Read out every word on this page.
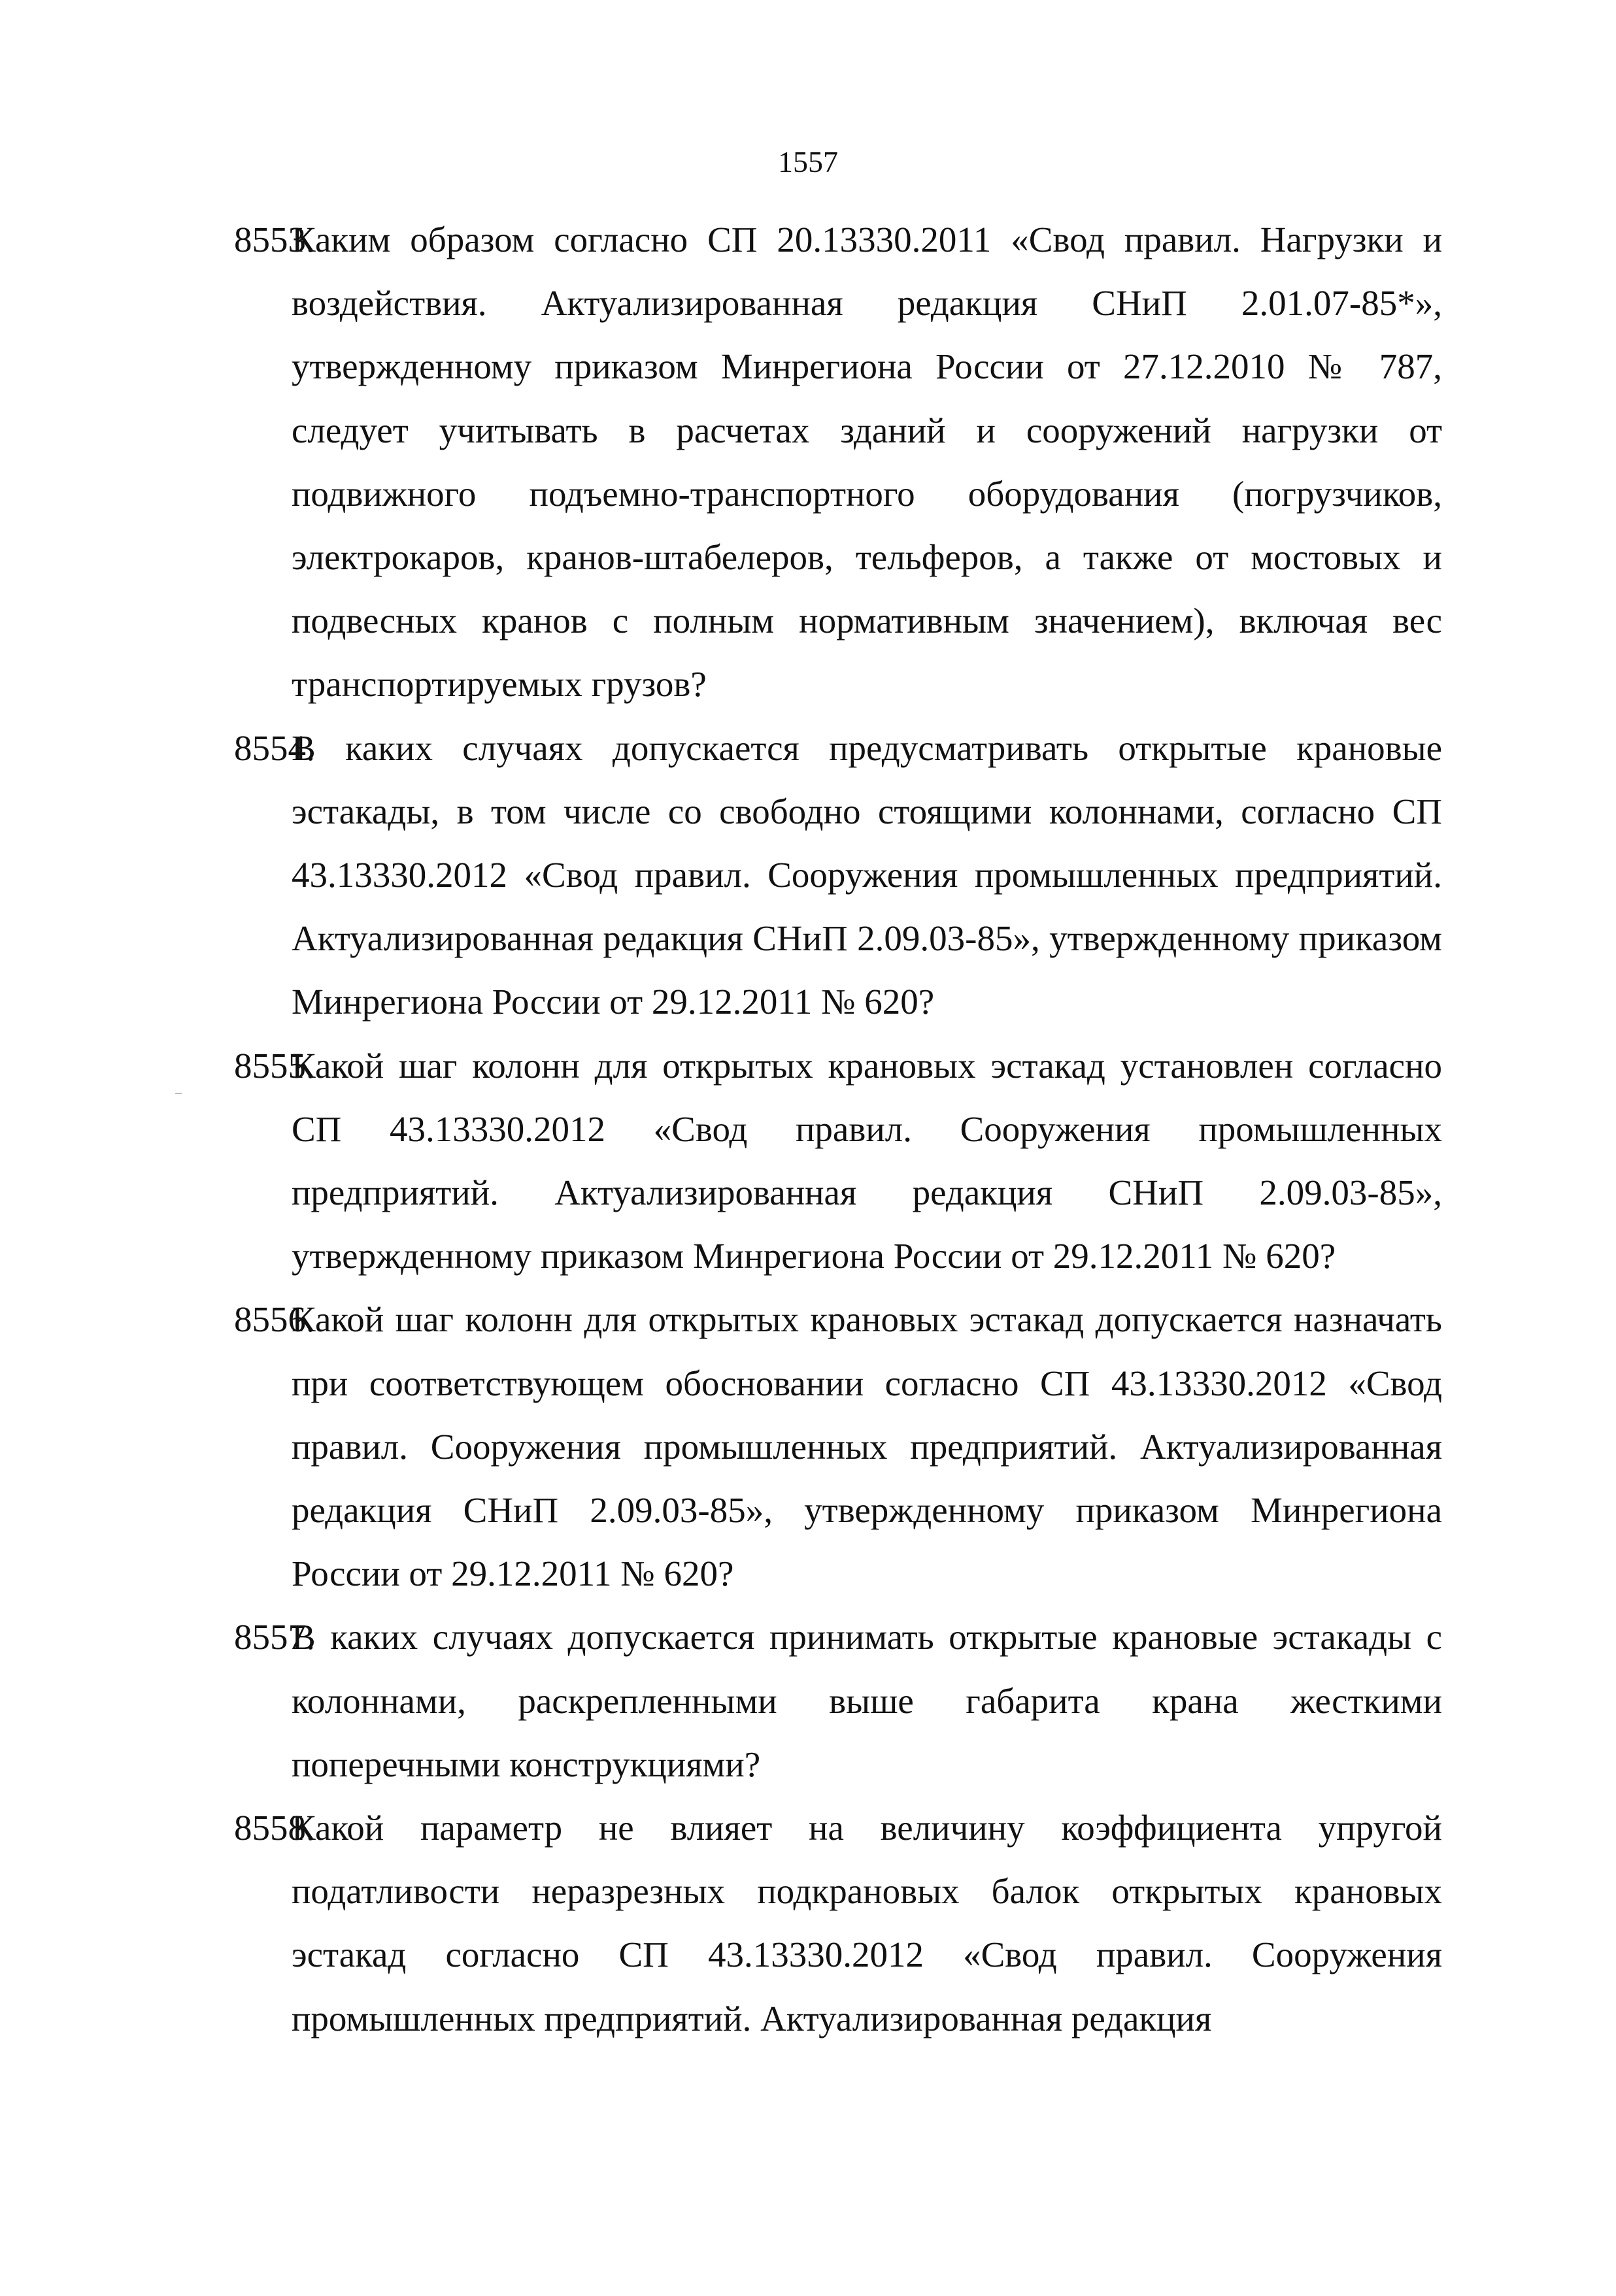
1557
8553.
Каким образом согласно СП 20.13330.2011 «Свод правил. Нагрузки и воздействия. Актуализированная редакция СНиП 2.01.07-85*», утвержденному приказом Минрегиона России от 27.12.2010 № 787, следует учитывать в расчетах зданий и сооружений нагрузки от подвижного подъемно-транспортного оборудования (погрузчиков, электрокаров, кранов-штабелеров, тельферов, а также от мостовых и подвесных кранов с полным нормативным значением), включая вес транспортируемых грузов?
8554.
В каких случаях допускается предусматривать открытые крановые эстакады, в том числе со свободно стоящими колоннами, согласно СП 43.13330.2012 «Свод правил. Сооружения промышленных предприятий. Актуализированная редакция СНиП 2.09.03-85», утвержденному приказом Минрегиона России от 29.12.2011 № 620?
8555.
Какой шаг колонн для открытых крановых эстакад установлен согласно СП 43.13330.2012 «Свод правил. Сооружения промышленных предприятий. Актуализированная редакция СНиП 2.09.03-85», утвержденному приказом Минрегиона России от 29.12.2011 № 620?
8556.
Какой шаг колонн для открытых крановых эстакад допускается назначать при соответствующем обосновании согласно СП 43.13330.2012 «Свод правил. Сооружения промышленных предприятий. Актуализированная редакция СНиП 2.09.03-85», утвержденному приказом Минрегиона России от 29.12.2011 № 620?
8557.
В каких случаях допускается принимать открытые крановые эстакады с колоннами, раскрепленными выше габарита крана жесткими поперечными конструкциями?
8558.
Какой параметр не влияет на величину коэффициента упругой податливости неразрезных подкрановых балок открытых крановых эстакад согласно СП 43.13330.2012 «Свод правил. Сооружения промышленных предприятий. Актуализированная редакция
